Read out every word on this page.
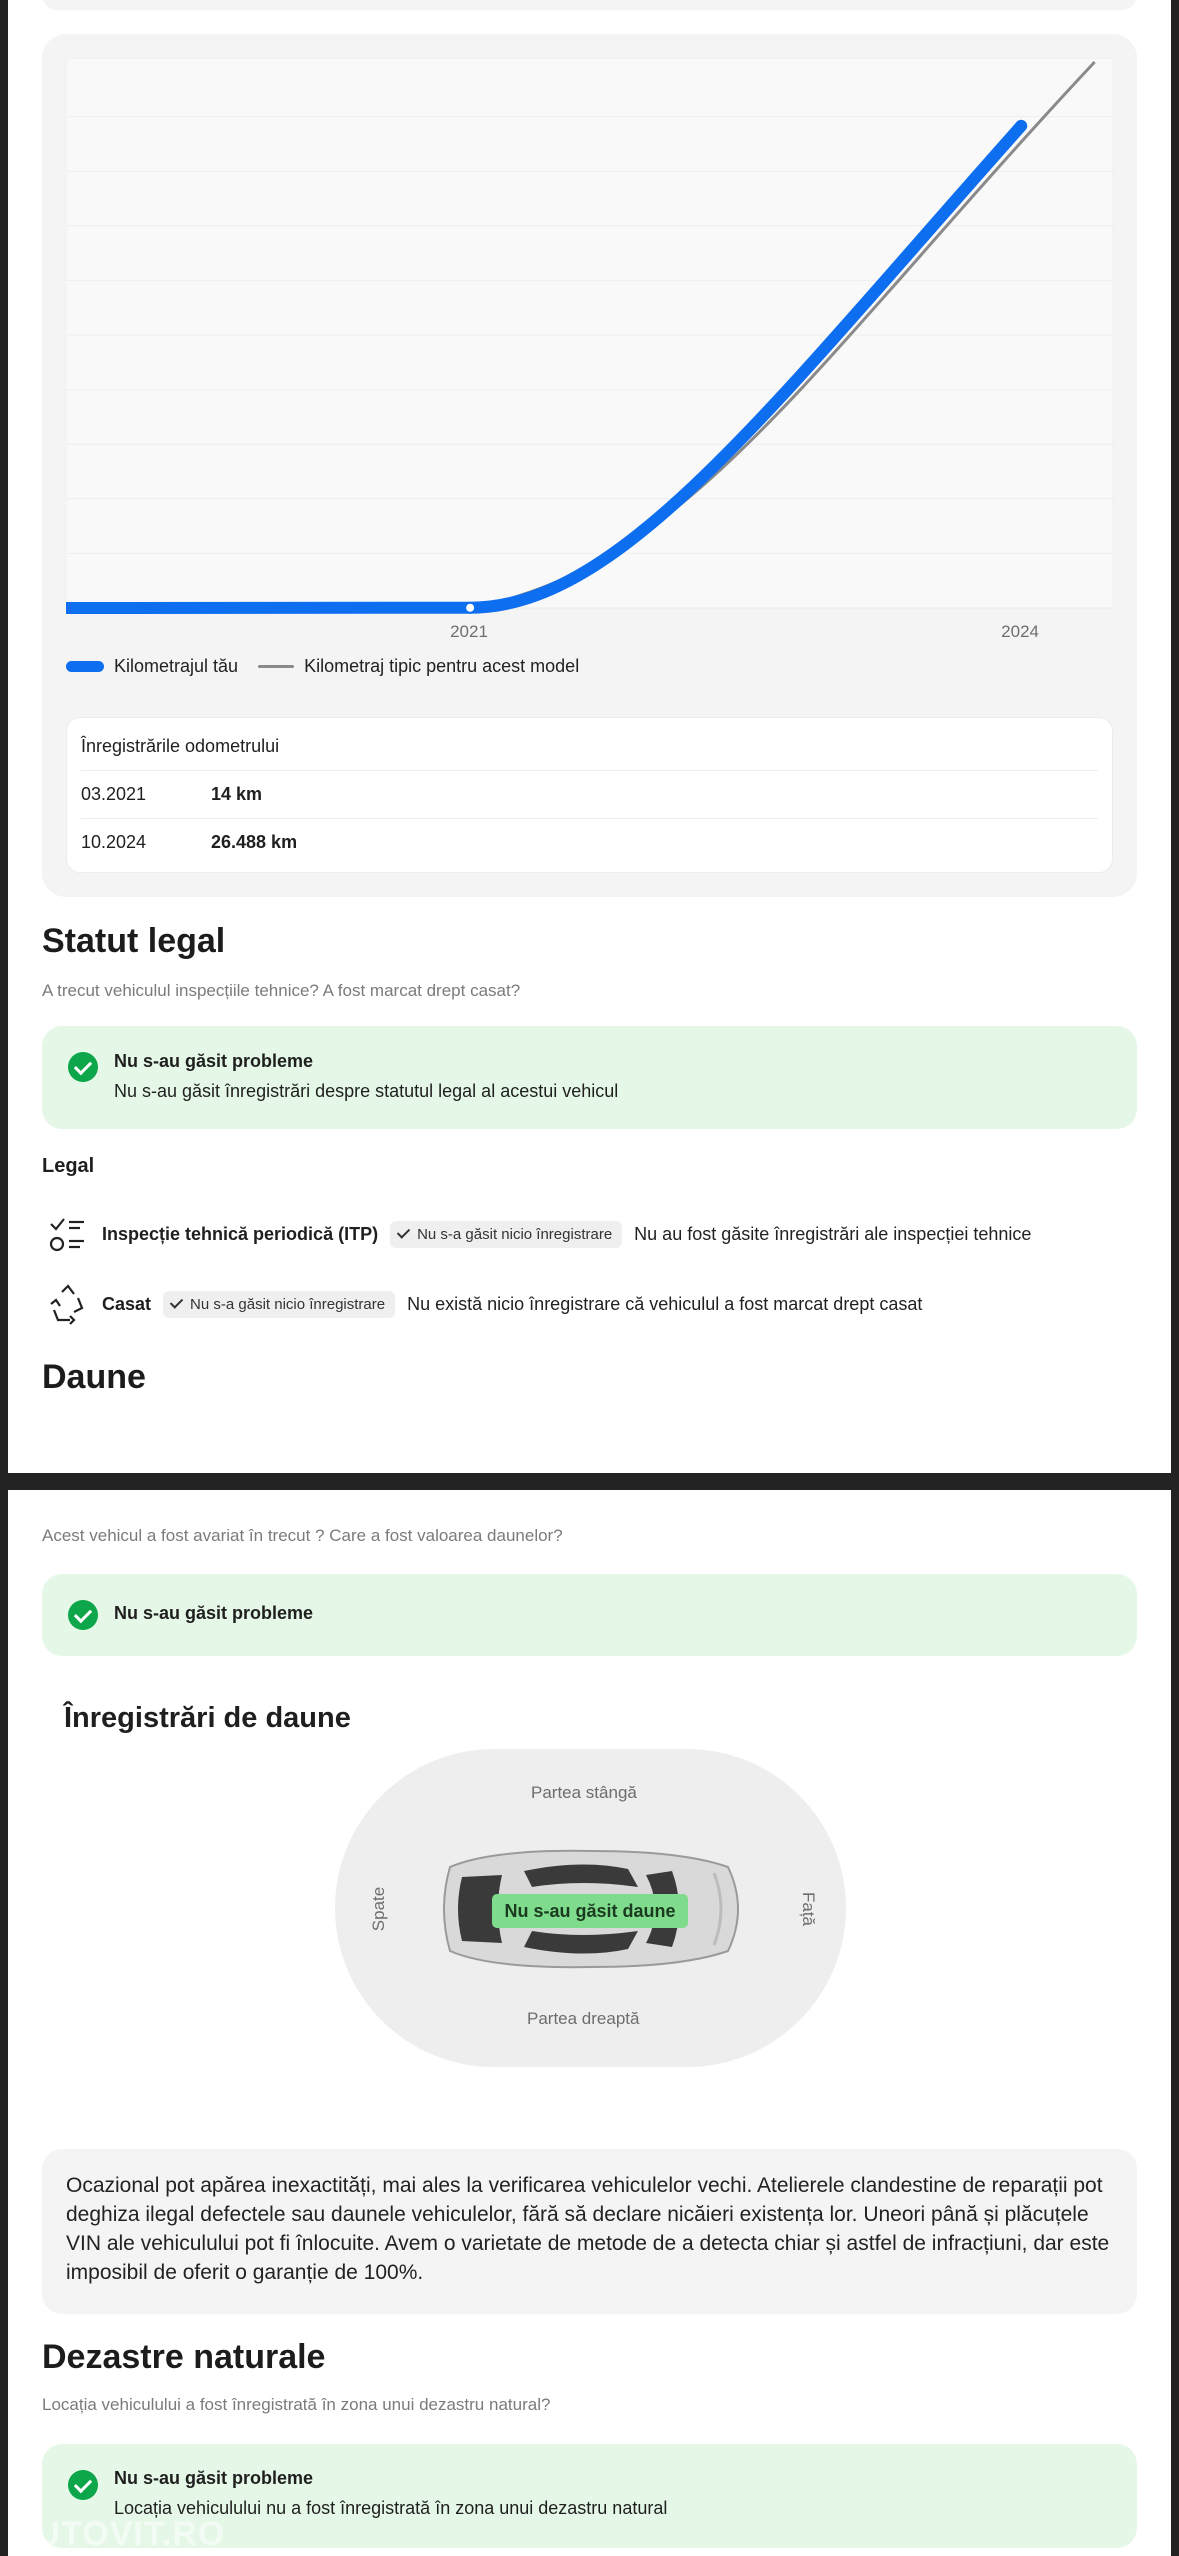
2021	2024
Kilometrajul tău	Kilometraj tipic pentru acest model
Înregistrările odometrului
03.2021	14 km
10.2024	26.488 km
Statut legal
A trecut vehiculul inspecțiile tehnice? A fost marcat drept casat?
Nu s-au găsit probleme
Nu s-au găsit înregistrări despre statutul legal al acestui vehicul
Legal
Inspecție tehnică periodică (ITP)	Nu s-a găsit nicio înregistrare Nu au fost găsite înregistrări ale inspecției tehnice
Casat	Nu s-a găsit nicio înregistrare Nu există nicio înregistrare că vehiculul a fost marcat drept casat
Daune
Acest vehicul a fost avariat în trecut ? Care a fost valoarea daunelor?
Nu s-au găsit probleme
Înregistrări de daune
Partea stângă
Partea dreaptă
Spate	Față
Nu s-au găsit daune
Ocazional pot apărea inexactități, mai ales la verificarea vehiculelor vechi. Atelierele clandestine de reparații pot deghiza ilegal defectele sau daunele vehiculelor, fără să declare nicăieri existența lor. Uneori până și plăcuțele VIN ale vehiculului pot fi înlocuite. Avem o varietate de metode de a detecta chiar și astfel de infracțiuni, dar este imposibil de oferit o garanție de 100%.
Dezastre naturale
Locația vehiculului a fost înregistrată în zona unui dezastru natural?
Nu s-au găsit probleme
Locația vehiculului nu a fost înregistrată în zona unui dezastru natural
AUTOVIT.RO
